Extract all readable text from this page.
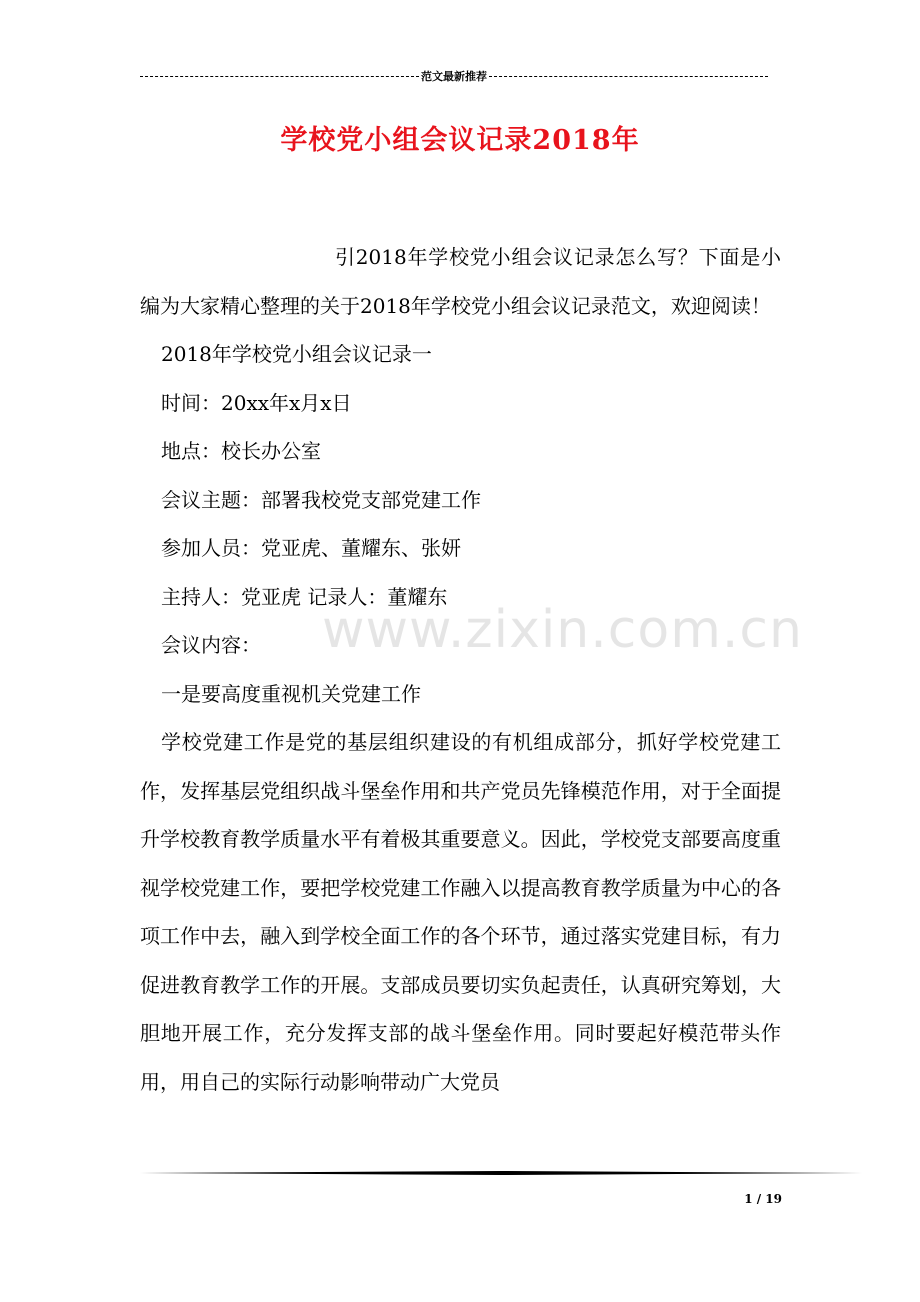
范文最新推荐
学校党小组会议记录2018年

引2018年学校党小组会议记录怎么写？下面是小编为大家精心整理的关于2018年学校党小组会议记录范文，欢迎阅读！

2018年学校党小组会议记录一

时间：20xx年x月x日

地点：校长办公室

会议主题：部署我校党支部党建工作

参加人员：党亚虎、董耀东、张妍

主持人：党亚虎 记录人：董耀东

会议内容：

一是要高度重视机关党建工作

学校党建工作是党的基层组织建设的有机组成部分，抓好学校党建工作，发挥基层党组织战斗堡垒作用和共产党员先锋模范作用，对于全面提升学校教育教学质量水平有着极其重要意义。因此，学校党支部要高度重视学校党建工作，要把学校党建工作融入以提高教育教学质量为中心的各项工作中去，融入到学校全面工作的各个环节，通过落实党建目标，有力促进教育教学工作的开展。支部成员要切实负起责任，认真研究筹划，大胆地开展工作，充分发挥支部的战斗堡垒作用。同时要起好模范带头作用，用自己的实际行动影响带动广大党员

www.zixin.com.cn
1 / 19
